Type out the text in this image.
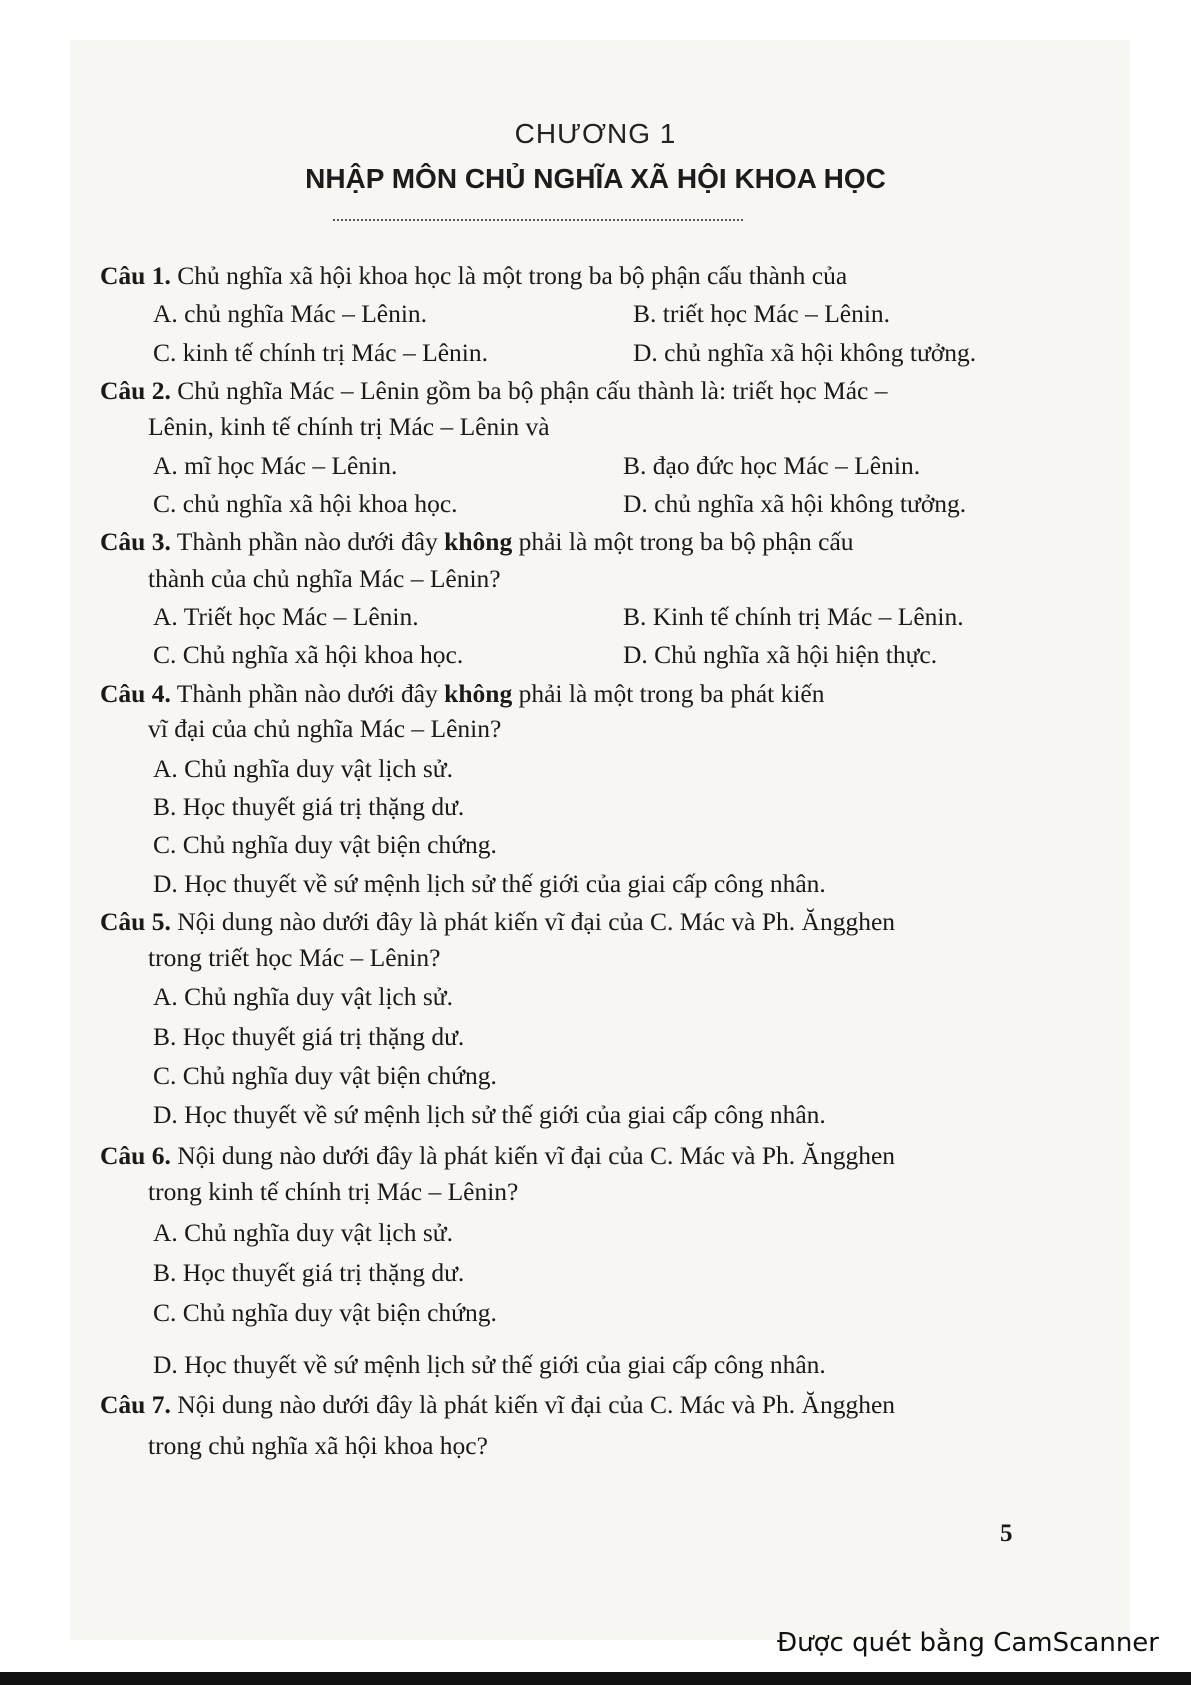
CHƯƠNG 1
NHẬP MÔN CHỦ NGHĨA XÃ HỘI KHOA HỌC
Câu 1. Chủ nghĩa xã hội khoa học là một trong ba bộ phận cấu thành của
A. chủ nghĩa Mác – Lênin.	B. triết học Mác – Lênin.
C. kinh tế chính trị Mác – Lênin.	D. chủ nghĩa xã hội không tưởng.
Câu 2. Chủ nghĩa Mác – Lênin gồm ba bộ phận cấu thành là: triết học Mác –
Lênin, kinh tế chính trị Mác – Lênin và
A. mĩ học Mác – Lênin.	B. đạo đức học Mác – Lênin.
C. chủ nghĩa xã hội khoa học.	D. chủ nghĩa xã hội không tưởng.
Câu 3. Thành phần nào dưới đây không phải là một trong ba bộ phận cấu
thành của chủ nghĩa Mác – Lênin?
A. Triết học Mác – Lênin.	B. Kinh tế chính trị Mác – Lênin.
C. Chủ nghĩa xã hội khoa học.	D. Chủ nghĩa xã hội hiện thực.
Câu 4. Thành phần nào dưới đây không phải là một trong ba phát kiến
vĩ đại của chủ nghĩa Mác – Lênin?
A. Chủ nghĩa duy vật lịch sử.
B. Học thuyết giá trị thặng dư.
C. Chủ nghĩa duy vật biện chứng.
D. Học thuyết về sứ mệnh lịch sử thế giới của giai cấp công nhân.
Câu 5. Nội dung nào dưới đây là phát kiến vĩ đại của C. Mác và Ph. Ăngghen
trong triết học Mác – Lênin?
A. Chủ nghĩa duy vật lịch sử.
B. Học thuyết giá trị thặng dư.
C. Chủ nghĩa duy vật biện chứng.
D. Học thuyết về sứ mệnh lịch sử thế giới của giai cấp công nhân.
Câu 6. Nội dung nào dưới đây là phát kiến vĩ đại của C. Mác và Ph. Ăngghen
trong kinh tế chính trị Mác – Lênin?
A. Chủ nghĩa duy vật lịch sử.
B. Học thuyết giá trị thặng dư.
C. Chủ nghĩa duy vật biện chứng.
D. Học thuyết về sứ mệnh lịch sử thế giới của giai cấp công nhân.
Câu 7. Nội dung nào dưới đây là phát kiến vĩ đại của C. Mác và Ph. Ăngghen
trong chủ nghĩa xã hội khoa học?
5
Được quét bằng CamScanner
